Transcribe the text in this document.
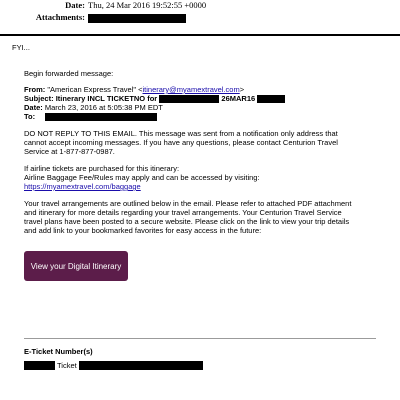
Date: Thu, 24 Mar 2016 19:52:55 +0000
Attachments:
FYI...
Begin forwarded message:
From: "American Express Travel" <itinerary@myamextravel.com>
Subject: Itinerary INCL TICKETNO for	26MAR16
Date: March 23, 2016 at 5:05:38 PM EDT
To:
DO NOT REPLY TO THIS EMAIL. This message was sent from a notification only address that
cannot accept incoming messages. If you have any questions, please contact Centurion Travel
Service at 1-877-877-0987.
If airline tickets are purchased for this itinerary:
Airline Baggage Fee/Rules may apply and can be accessed by visiting:
https://myamextravel.com/baggage
Your travel arrangements are outlined below in the email. Please refer to attached PDF attachment
and itinerary for more details regarding your travel arrangements. Your Centurion Travel Service
travel plans have been posted to a secure website. Please click on the link to view your trip details
and add link to your bookmarked favorites for easy access in the future:
View your Digital Itinerary
E-Ticket Number(s)
Ticket
